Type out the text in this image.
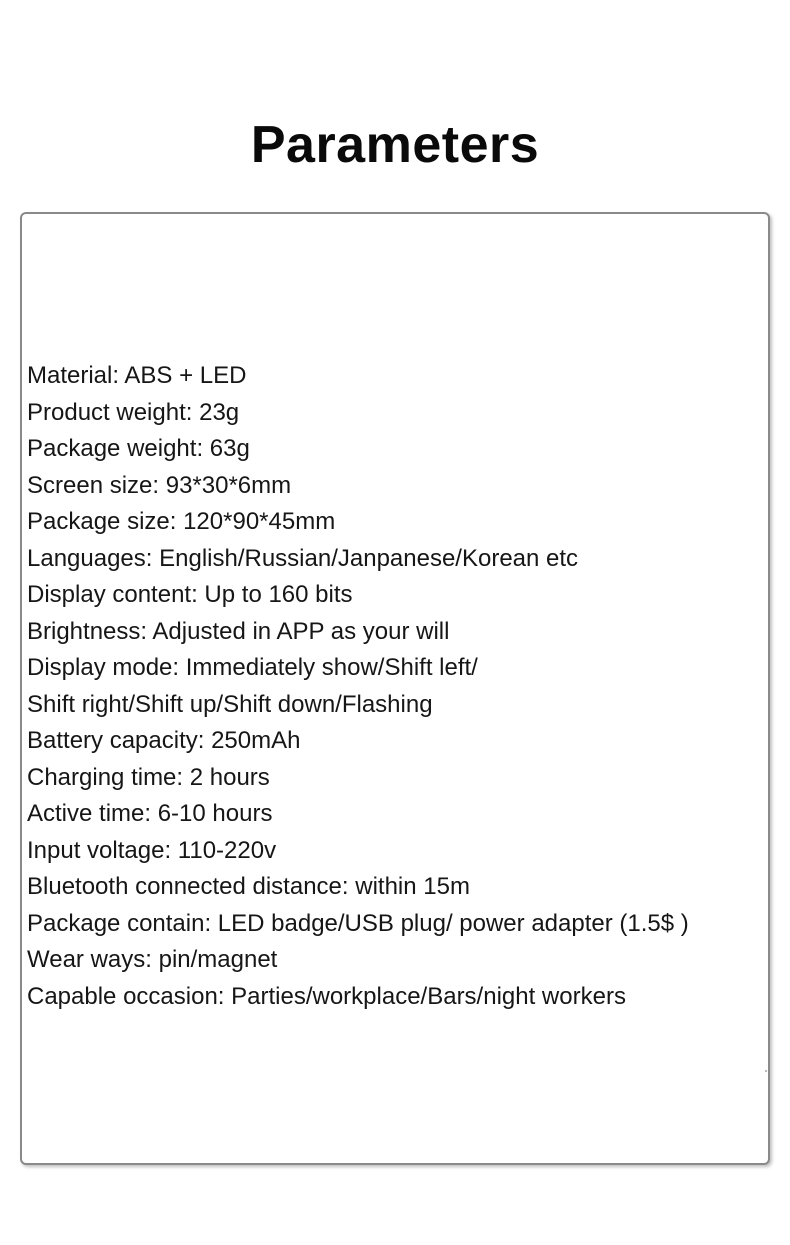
Parameters
Material: ABS + LED
Product weight: 23g
Package weight: 63g
Screen size: 93*30*6mm
Package size: 120*90*45mm
Languages: English/Russian/Janpanese/Korean etc
Display content: Up to 160 bits
Brightness: Adjusted in APP as your will
Display mode: Immediately show/Shift left/
Shift right/Shift up/Shift down/Flashing
Battery capacity: 250mAh
Charging time: 2 hours
Active time: 6-10 hours
Input voltage: 110-220v
Bluetooth connected distance: within 15m
Package contain: LED badge/USB plug/ power adapter (1.5$ )
Wear ways: pin/magnet
Capable occasion: Parties/workplace/Bars/night workers
